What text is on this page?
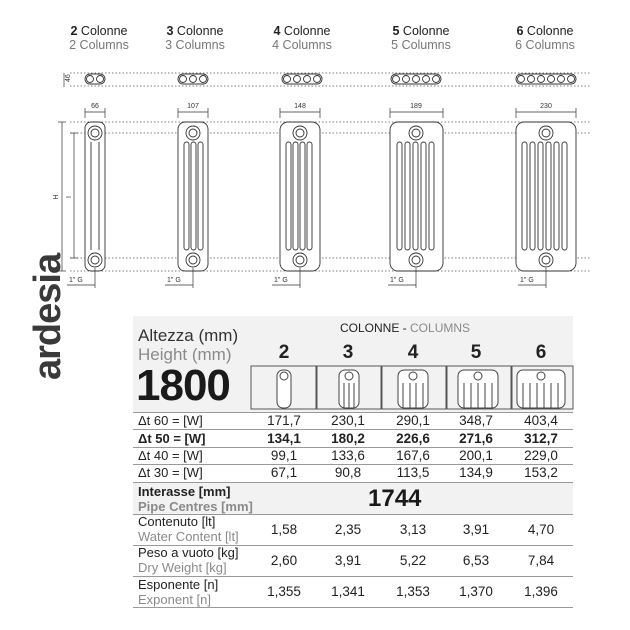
2 Colonne
2 Columns
3 Colonne
3 Columns
4 Colonne
4 Columns
5 Colonne
5 Columns
6 Colonne
6 Columns
46
66	107	148	189	230
H I
1" G	1" G	1" G	1" G	1" G
ardesia	Altezza (mm)
Height (mm)
1800
COLONNE - COLUMNS
2	3	4	5	6
Δt 60 = [W]	171,7	230,1	290,1	348,7	403,4
Δt 50 = [W]	134,1	180,2	226,6	271,6	312,7
Δt 40 = [W]	99,1	133,6	167,6	200,1	229,0
Δt 30 = [W]	67,1	90,8	113,5	134,9	153,2
Interasse [mm]
Pipe Centres [mm]	1744
Contenuto [lt]
Water Content [lt]	1,58	2,35	3,13	3,91	4,70
Peso a vuoto [kg]
Dry Weight [kg]	2,60	3,91	5,22	6,53	7,84
Esponente [n]
Exponent [n]
1,355	1,341	1,353	1,370	1,396
